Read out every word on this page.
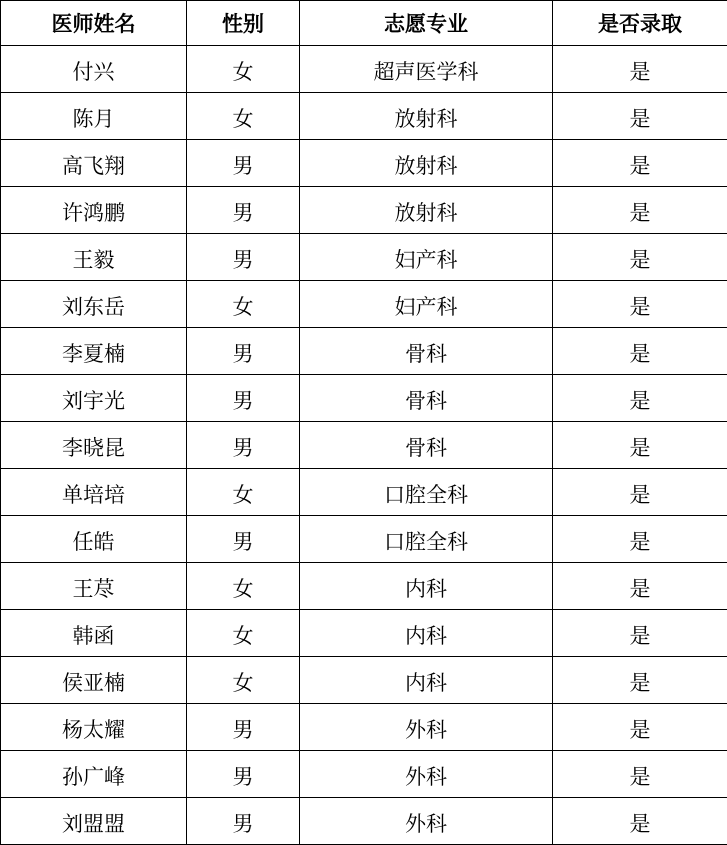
医师姓名	性别	志愿专业	是否录取
付兴	女	超声医学科	是
陈月	女	放射科	是
高飞翔	男	放射科	是
许鸿鹏	男	放射科	是
王毅	男	妇产科	是
刘东岳	女	妇产科	是
李夏楠	男	骨科	是
刘宇光	男	骨科	是
李晓昆	男	骨科	是
单培培	女	口腔全科	是
任皓	男	口腔全科	是
王荩	女	内科	是
韩函	女	内科	是
侯亚楠	女	内科	是
杨太耀	男	外科	是
孙广峰	男	外科	是
刘盟盟	男	外科	是
